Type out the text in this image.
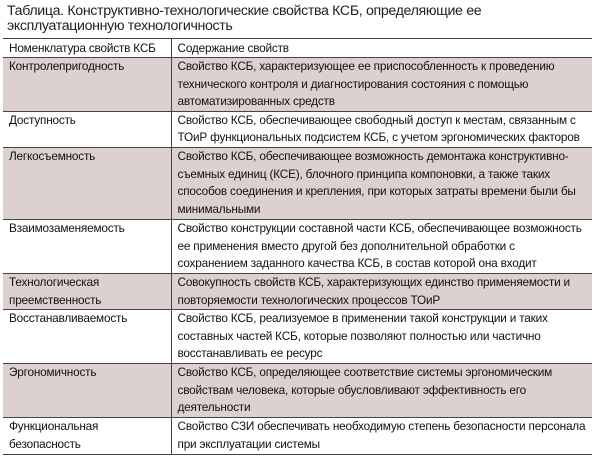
Таблица. Конструктивно-технологические свойства КСБ, определяющие ее эксплуатационную технологичность
Номенклатура свойств КСБ	Содержание свойств
Контролепригодность	Свойство КСБ, характеризующее ее приспособленность к проведению технического контроля и диагностирования состояния с помощью автоматизированных средств
Доступность	Свойство КСБ, обеспечивающее свободный доступ к местам, связанным с ТОиР функциональных подсистем КСБ, с учетом эргономических факторов
Легкосъемность	Свойство КСБ, обеспечивающее возможность демонтажа конструктивно-съемных единиц (КСЕ), блочного принципа компоновки, а также таких способов соединения и крепления, при которых затраты времени были бы минимальными
Взаимозаменяемость	Свойство конструкции составной части КСБ, обеспечивающее возможность ее применения вместо другой без дополнительной обработки с сохранением заданного качества КСБ, в состав которой она входит
Технологическая преемственность	Совокупность свойств КСБ, характеризующих единство применяемости и повторяемости технологических процессов ТОиР
Восстанавливаемость	Свойство КСБ, реализуемое в применении такой конструкции и таких составных частей КСБ, которые позволяют полностью или частично восстанавливать ее ресурс
Эргономичность	Свойство КСБ, определяющее соответствие системы эргономическим свойствам человека, которые обусловливают эффективность его деятельности
Функциональная безопасность	Свойство СЗИ обеспечивать необходимую степень безопасности персонала при эксплуатации системы
